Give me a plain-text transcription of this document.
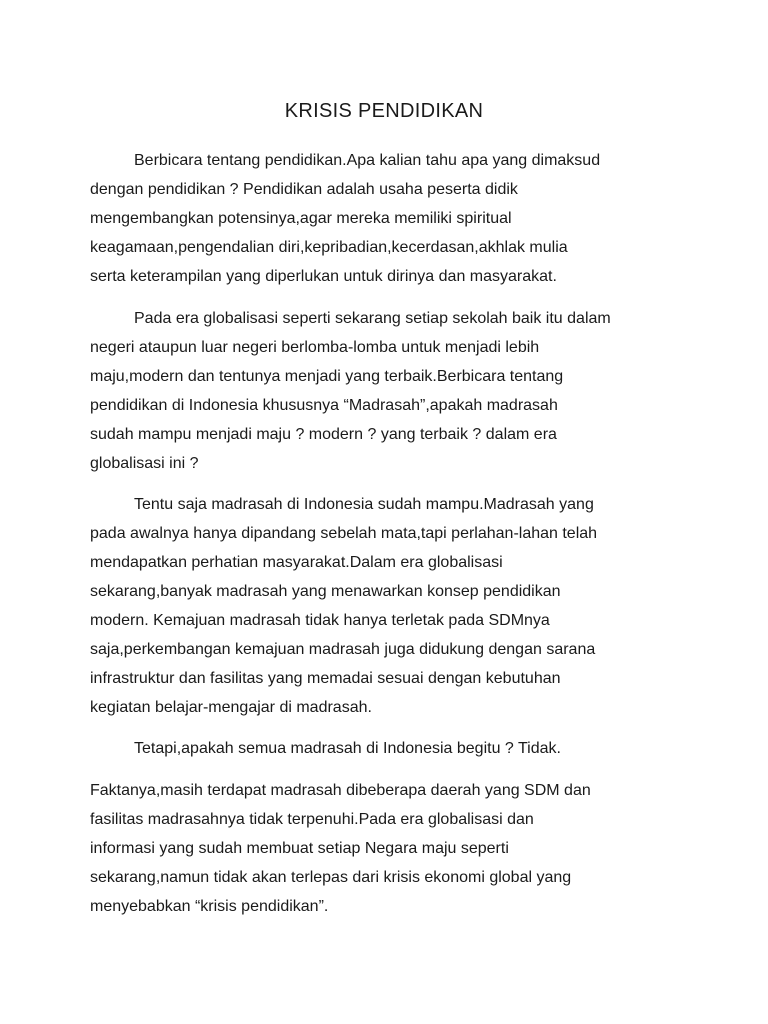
KRISIS PENDIDIKAN
Berbicara tentang pendidikan.Apa kalian tahu apa yang dimaksud
dengan pendidikan ? Pendidikan adalah usaha peserta didik
mengembangkan potensinya,agar mereka memiliki spiritual
keagamaan,pengendalian diri,kepribadian,kecerdasan,akhlak mulia
serta keterampilan yang diperlukan untuk dirinya dan masyarakat.
Pada era globalisasi seperti sekarang setiap sekolah baik itu dalam
negeri ataupun luar negeri berlomba-lomba untuk menjadi lebih
maju,modern dan tentunya menjadi yang terbaik.Berbicara tentang
pendidikan di Indonesia khususnya “Madrasah”,apakah madrasah
sudah mampu menjadi maju ? modern ? yang terbaik ? dalam era
globalisasi ini ?
Tentu saja madrasah di Indonesia sudah mampu.Madrasah yang
pada awalnya hanya dipandang sebelah mata,tapi perlahan-lahan telah
mendapatkan perhatian masyarakat.Dalam era globalisasi
sekarang,banyak madrasah yang menawarkan konsep pendidikan
modern. Kemajuan madrasah tidak hanya terletak pada SDMnya
saja,perkembangan kemajuan madrasah juga didukung dengan sarana
infrastruktur dan fasilitas yang memadai sesuai dengan kebutuhan
kegiatan belajar-mengajar di madrasah.
Tetapi,apakah semua madrasah di Indonesia begitu ? Tidak.
Faktanya,masih terdapat madrasah dibeberapa daerah yang SDM dan
fasilitas madrasahnya tidak terpenuhi.Pada era globalisasi dan
informasi yang sudah membuat setiap Negara maju seperti
sekarang,namun tidak akan terlepas dari krisis ekonomi global yang
menyebabkan “krisis pendidikan”.
